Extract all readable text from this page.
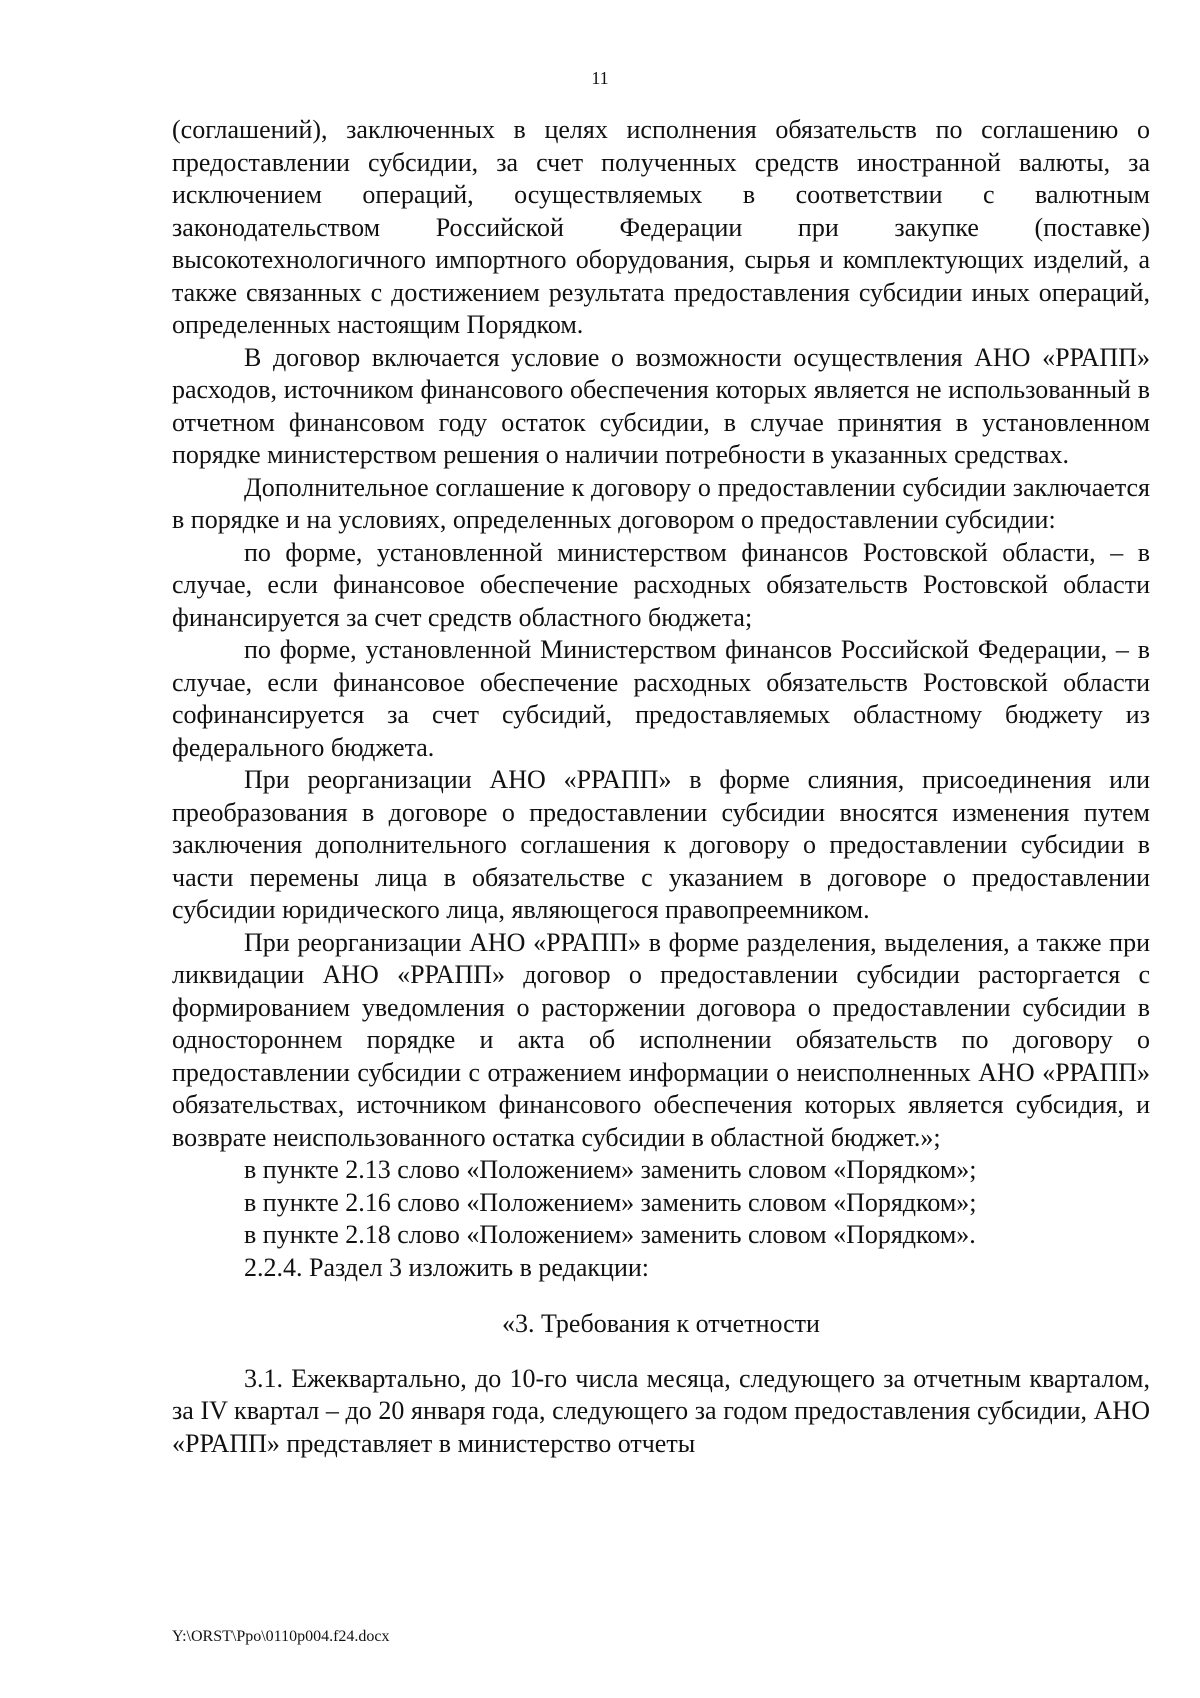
11

(соглашений), заключенных в целях исполнения обязательств по соглашению о предоставлении субсидии, за счет полученных средств иностранной валюты, за исключением операций, осуществляемых в соответствии с валютным законодательством Российской Федерации при закупке (поставке) высокотехнологичного импортного оборудования, сырья и комплектующих изделий, а также связанных с достижением результата предоставления субсидии иных операций, определенных настоящим Порядком.

В договор включается условие о возможности осуществления АНО «РРАПП» расходов, источником финансового обеспечения которых является не использованный в отчетном финансовом году остаток субсидии, в случае принятия в установленном порядке министерством решения о наличии потребности в указанных средствах.

Дополнительное соглашение к договору о предоставлении субсидии заключается в порядке и на условиях, определенных договором о предоставлении субсидии:

по форме, установленной министерством финансов Ростовской области, – в случае, если финансовое обеспечение расходных обязательств Ростовской области финансируется за счет средств областного бюджета;

по форме, установленной Министерством финансов Российской Федерации, – в случае, если финансовое обеспечение расходных обязательств Ростовской области софинансируется за счет субсидий, предоставляемых областному бюджету из федерального бюджета.

При реорганизации АНО «РРАПП» в форме слияния, присоединения или преобразования в договоре о предоставлении субсидии вносятся изменения путем заключения дополнительного соглашения к договору о предоставлении субсидии в части перемены лица в обязательстве с указанием в договоре о предоставлении субсидии юридического лица, являющегося правопреемником.

При реорганизации АНО «РРАПП» в форме разделения, выделения, а также при ликвидации АНО «РРАПП» договор о предоставлении субсидии расторгается с формированием уведомления о расторжении договора о предоставлении субсидии в одностороннем порядке и акта об исполнении обязательств по договору о предоставлении субсидии с отражением информации о неисполненных АНО «РРАПП» обязательствах, источником финансового обеспечения которых является субсидия, и возврате неиспользованного остатка субсидии в областной бюджет.»;

в пункте 2.13 слово «Положением» заменить словом «Порядком»;

в пункте 2.16 слово «Положением» заменить словом «Порядком»;

в пункте 2.18 слово «Положением» заменить словом «Порядком».

2.2.4. Раздел 3 изложить в редакции:

«3. Требования к отчетности

3.1. Ежеквартально, до 10-го числа месяца, следующего за отчетным кварталом, за IV квартал – до 20 января года, следующего за годом предоставления субсидии, АНО «РРАПП» представляет в министерство отчеты

Y:\ORST\Ppo\0110p004.f24.docx
